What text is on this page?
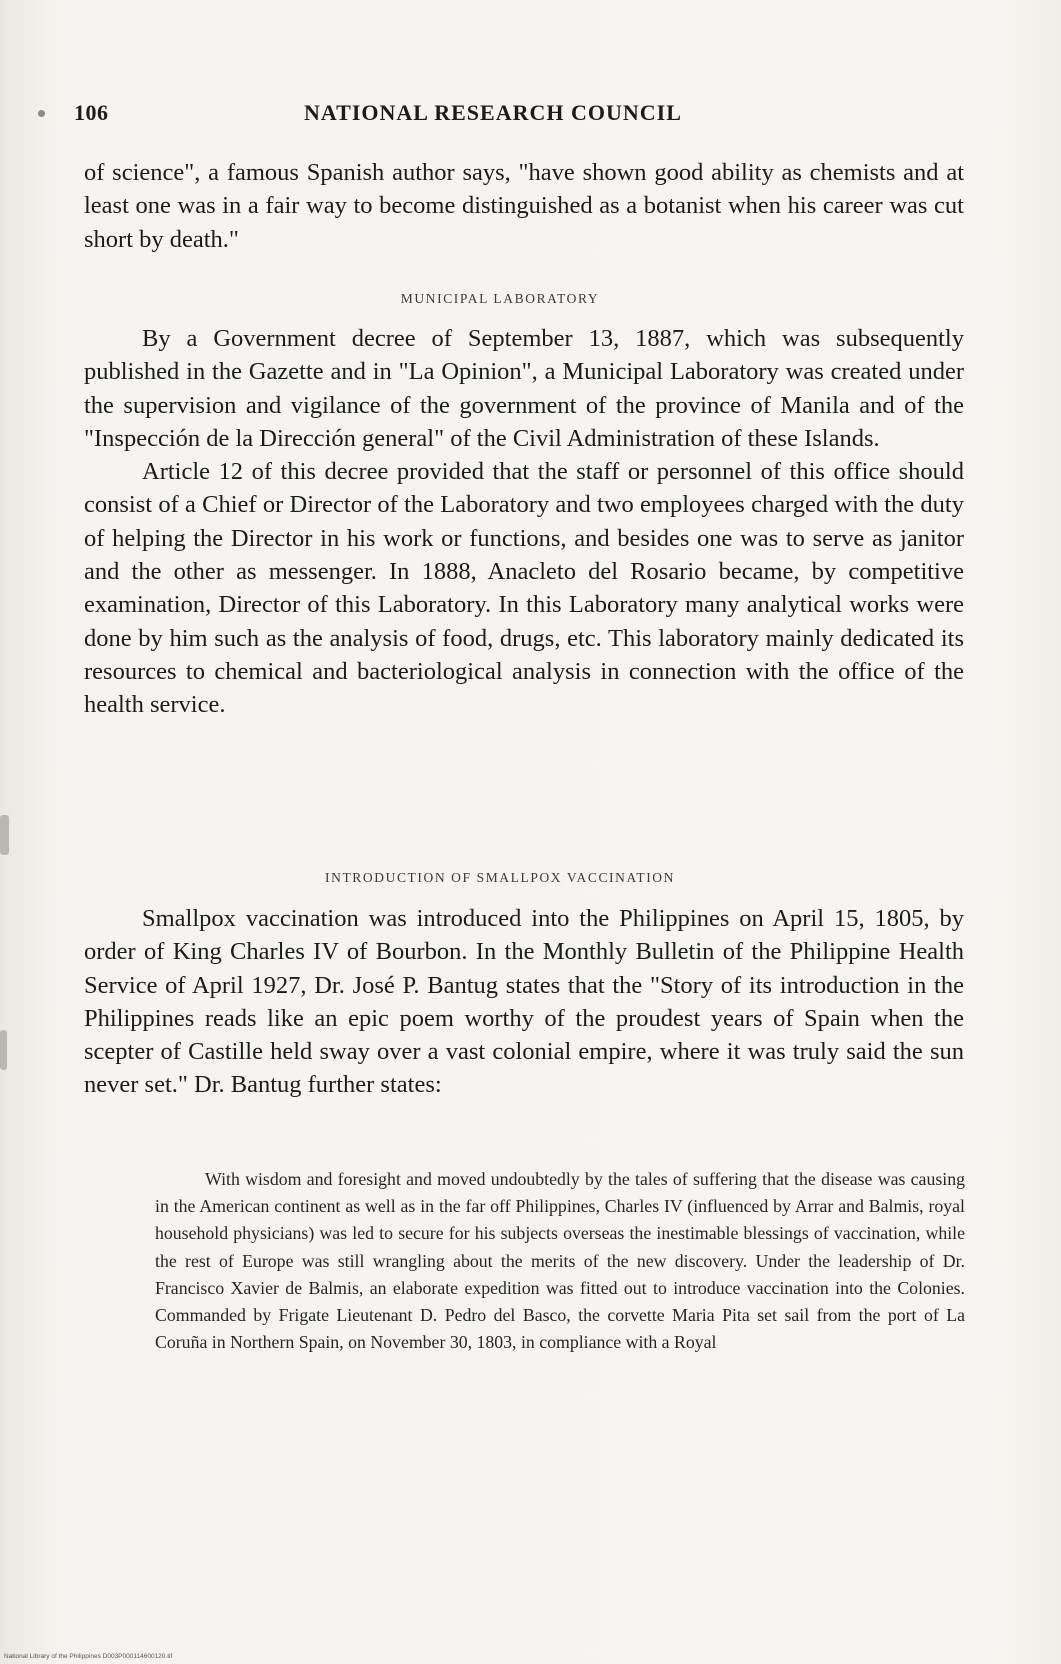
106	NATIONAL RESEARCH COUNCIL

of science", a famous Spanish author says, "have shown good ability as chemists and at least one was in a fair way to become distinguished as a botanist when his career was cut short by death."

MUNICIPAL LABORATORY

By a Government decree of September 13, 1887, which was subsequently published in the Gazette and in "La Opinion", a Municipal Laboratory was created under the supervision and vigilance of the government of the province of Manila and of the "Inspección de la Dirección general" of the Civil Administration of these Islands.

Article 12 of this decree provided that the staff or personnel of this office should consist of a Chief or Director of the Laboratory and two employees charged with the duty of helping the Director in his work or functions, and besides one was to serve as janitor and the other as messenger. In 1888, Anacleto del Rosario became, by competitive examination, Director of this Laboratory. In this Laboratory many analytical works were done by him such as the analysis of food, drugs, etc. This laboratory mainly dedicated its resources to chemical and bacteriological analysis in connection with the office of the health service.

INTRODUCTION OF SMALLPOX VACCINATION

Smallpox vaccination was introduced into the Philippines on April 15, 1805, by order of King Charles IV of Bourbon. In the Monthly Bulletin of the Philippine Health Service of April 1927, Dr. José P. Bantug states that the "Story of its introduction in the Philippines reads like an epic poem worthy of the proudest years of Spain when the scepter of Castille held sway over a vast colonial empire, where it was truly said the sun never set." Dr. Bantug further states:

With wisdom and foresight and moved undoubtedly by the tales of suffering that the disease was causing in the American continent as well as in the far off Philippines, Charles IV (influenced by Arrar and Balmis, royal household physicians) was led to secure for his subjects overseas the inestimable blessings of vaccination, while the rest of Europe was still wrangling about the merits of the new discovery. Under the leadership of Dr. Francisco Xavier de Balmis, an elaborate expedition was fitted out to introduce vaccination into the Colonies. Commanded by Frigate Lieutenant D. Pedro del Basco, the corvette Maria Pita set sail from the port of La Coruña in Northern Spain, on November 30, 1803, in compliance with a Royal

National Library of the Philippines D003P000114600120.tif
